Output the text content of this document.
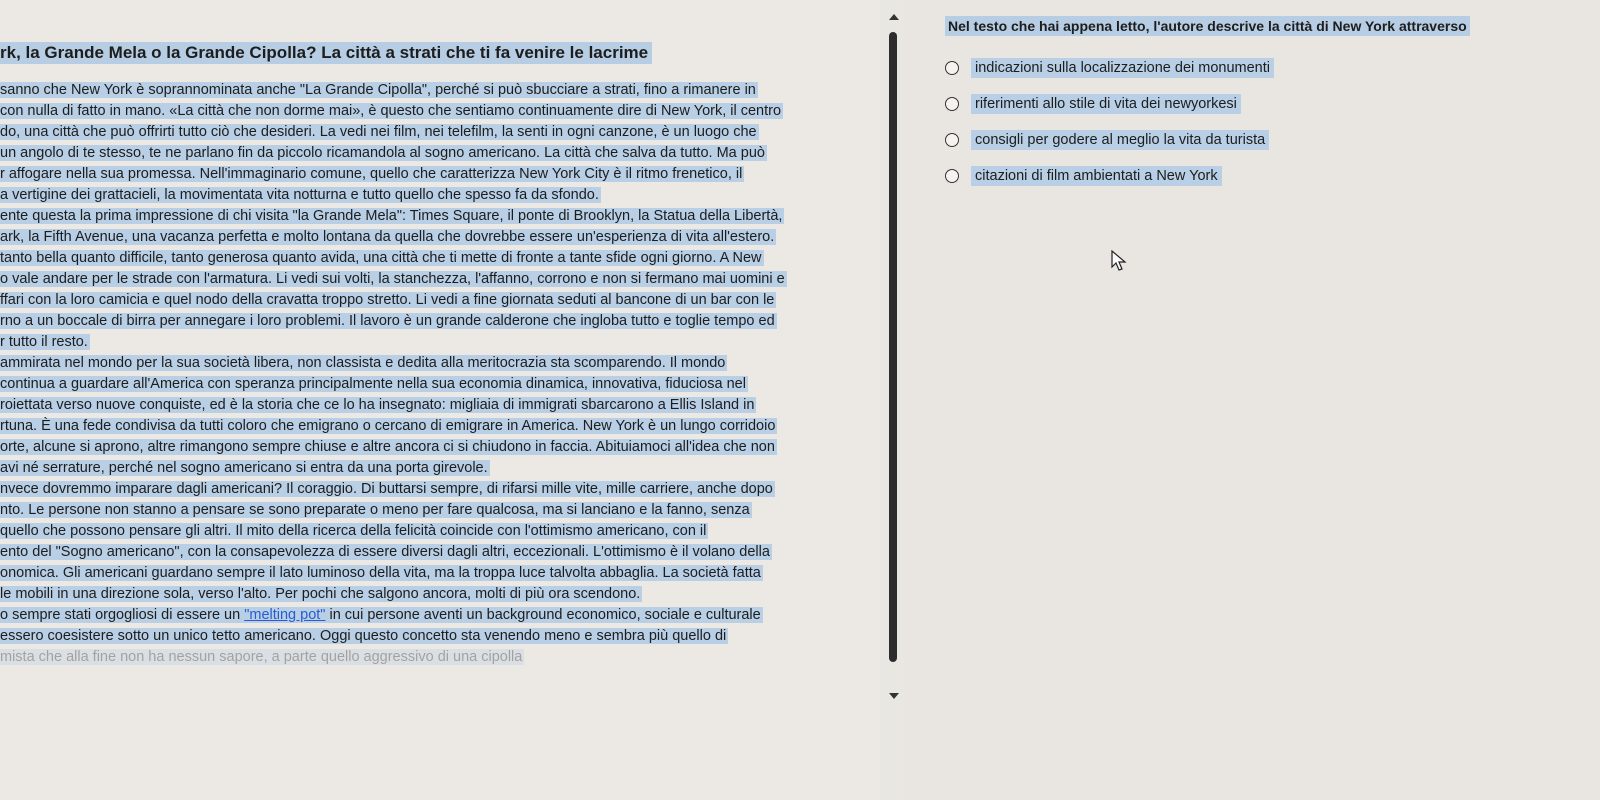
rk, la Grande Mela o la Grande Cipolla? La città a strati che ti fa venire le lacrime
sanno che New York è soprannominata anche "La Grande Cipolla", perché si può sbucciare a strati, fino a rimanere in
con nulla di fatto in mano. «La città che non dorme mai», è questo che sentiamo continuamente dire di New York, il centro
do, una città che può offrirti tutto ciò che desideri. La vedi nei film, nei telefilm, la senti in ogni canzone, è un luogo che
un angolo di te stesso, te ne parlano fin da piccolo ricamandola al sogno americano. La città che salva da tutto. Ma può
r affogare nella sua promessa. Nell'immaginario comune, quello che caratterizza New York City è il ritmo frenetico, il
a vertigine dei grattacieli, la movimentata vita notturna e tutto quello che spesso fa da sfondo.
ente questa la prima impressione di chi visita "la Grande Mela": Times Square, il ponte di Brooklyn, la Statua della Libertà,
ark, la Fifth Avenue, una vacanza perfetta e molto lontana da quella che dovrebbe essere un'esperienza di vita all'estero.
tanto bella quanto difficile, tanto generosa quanto avida, una città che ti mette di fronte a tante sfide ogni giorno. A New
o vale andare per le strade con l'armatura. Li vedi sui volti, la stanchezza, l'affanno, corrono e non si fermano mai uomini e
ffari con la loro camicia e quel nodo della cravatta troppo stretto. Li vedi a fine giornata seduti al bancone di un bar con le
rno a un boccale di birra per annegare i loro problemi. Il lavoro è un grande calderone che ingloba tutto e toglie tempo ed
r tutto il resto.
ammirata nel mondo per la sua società libera, non classista e dedita alla meritocrazia sta scomparendo. Il mondo
continua a guardare all'America con speranza principalmente nella sua economia dinamica, innovativa, fiduciosa nel
roiettata verso nuove conquiste, ed è la storia che ce lo ha insegnato: migliaia di immigrati sbarcarono a Ellis Island in
rtuna. È una fede condivisa da tutti coloro che emigrano o cercano di emigrare in America. New York è un lungo corridoio
orte, alcune si aprono, altre rimangono sempre chiuse e altre ancora ci si chiudono in faccia. Abituiamoci all'idea che non
avi né serrature, perché nel sogno americano si entra da una porta girevole.
nvece dovremmo imparare dagli americani? Il coraggio. Di buttarsi sempre, di rifarsi mille vite, mille carriere, anche dopo
nto. Le persone non stanno a pensare se sono preparate o meno per fare qualcosa, ma si lanciano e la fanno, senza
quello che possono pensare gli altri. Il mito della ricerca della felicità coincide con l'ottimismo americano, con il
ento del "Sogno americano", con la consapevolezza di essere diversi dagli altri, eccezionali. L'ottimismo è il volano della
onomica. Gli americani guardano sempre il lato luminoso della vita, ma la troppa luce talvolta abbaglia. La società fatta
le mobili in una direzione sola, verso l'alto. Per pochi che salgono ancora, molti di più ora scendono.
o sempre stati orgogliosi di essere un "melting pot" in cui persone aventi un background economico, sociale e culturale
essero coesistere sotto un unico tetto americano. Oggi questo concetto sta venendo meno e sembra più quello di
mista che alla fine non ha nessun sapore, a parte quello aggressivo di una cipolla
Nel testo che hai appena letto, l'autore descrive la città di New York attraverso
indicazioni sulla localizzazione dei monumenti
riferimenti allo stile di vita dei newyorkesi
consigli per godere al meglio la vita da turista
citazioni di film ambientati a New York
